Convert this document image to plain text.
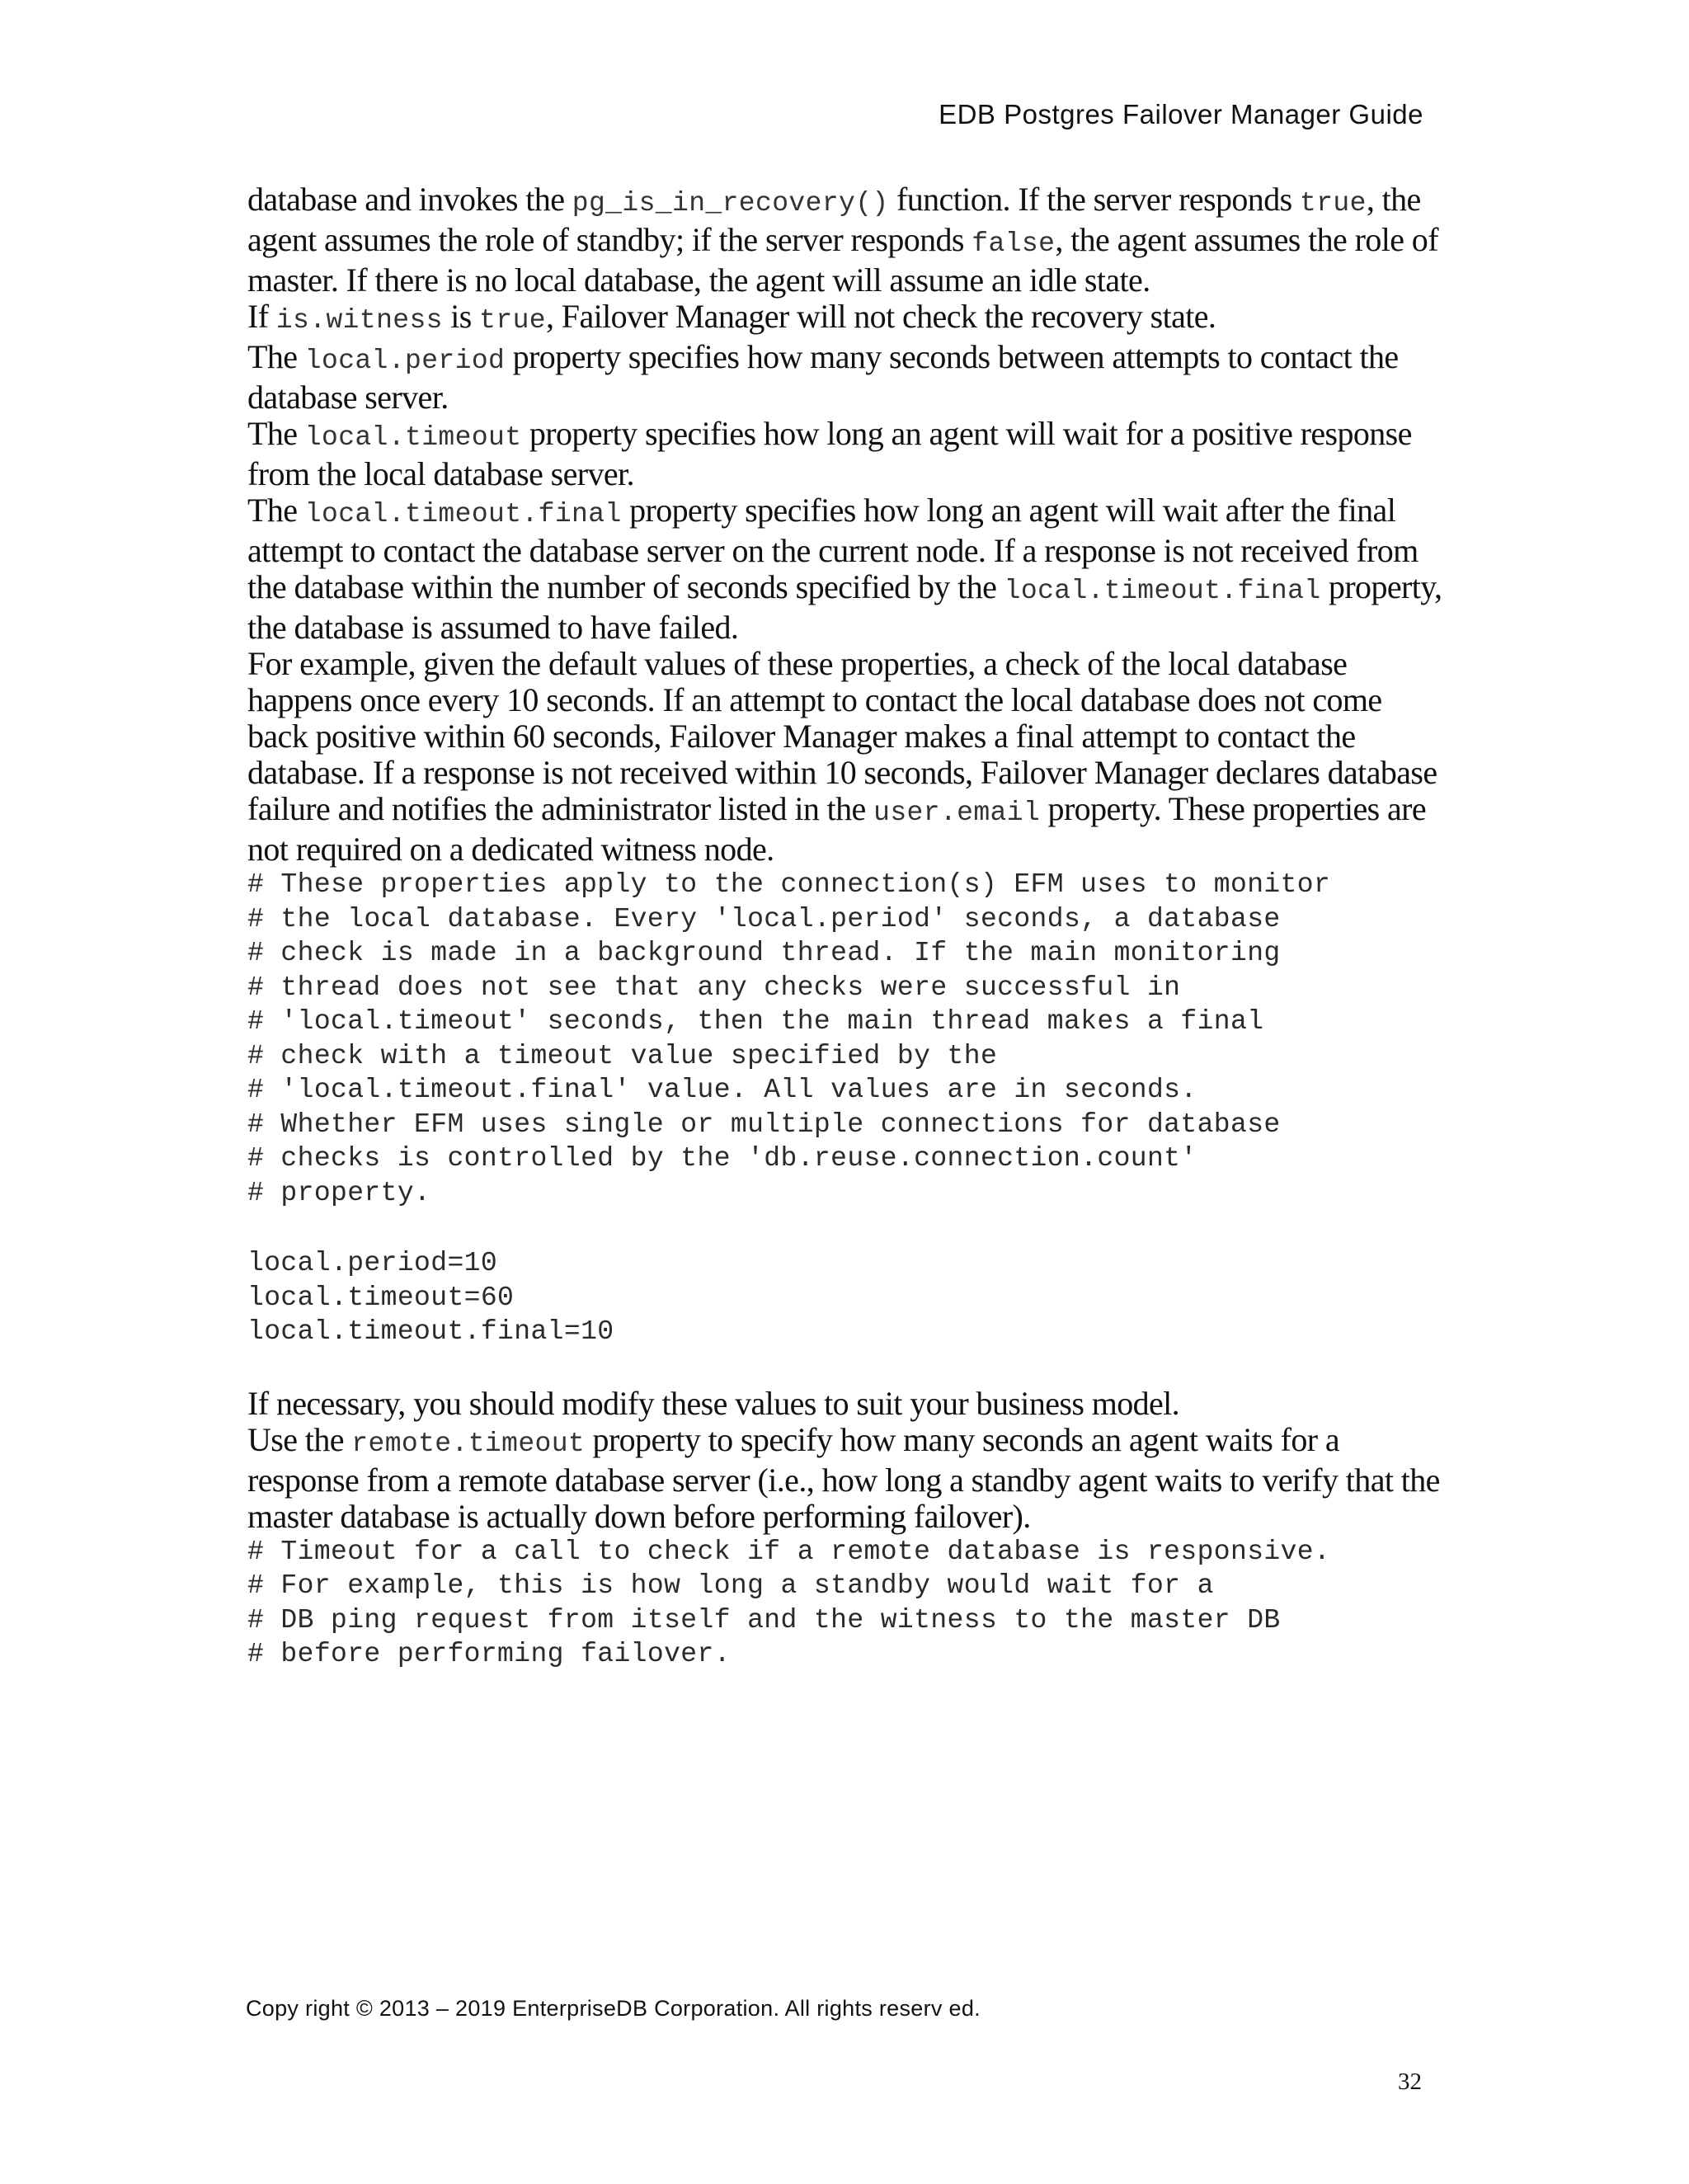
EDB Postgres Failover Manager Guide

database and invokes the pg_is_in_recovery() function. If the server responds true, the agent assumes the role of standby; if the server responds false, the agent assumes the role of master. If there is no local database, the agent will assume an idle state.

If is.witness is true, Failover Manager will not check the recovery state.

The local.period property specifies how many seconds between attempts to contact the database server.

The local.timeout property specifies how long an agent will wait for a positive response from the local database server.

The local.timeout.final property specifies how long an agent will wait after the final attempt to contact the database server on the current node. If a response is not received from the database within the number of seconds specified by the local.timeout.final property, the database is assumed to have failed.

For example, given the default values of these properties, a check of the local database happens once every 10 seconds. If an attempt to contact the local database does not come back positive within 60 seconds, Failover Manager makes a final attempt to contact the database. If a response is not received within 10 seconds, Failover Manager declares database failure and notifies the administrator listed in the user.email property. These properties are not required on a dedicated witness node.

# These properties apply to the connection(s) EFM uses to monitor
# the local database. Every 'local.period' seconds, a database
# check is made in a background thread. If the main monitoring
# thread does not see that any checks were successful in
# 'local.timeout' seconds, then the main thread makes a final
# check with a timeout value specified by the
# 'local.timeout.final' value. All values are in seconds.
# Whether EFM uses single or multiple connections for database
# checks is controlled by the 'db.reuse.connection.count'
# property.
local.period=10
local.timeout=60
local.timeout.final=10

If necessary, you should modify these values to suit your business model.

Use the remote.timeout property to specify how many seconds an agent waits for a response from a remote database server (i.e., how long a standby agent waits to verify that the master database is actually down before performing failover).

# Timeout for a call to check if a remote database is responsive.
# For example, this is how long a standby would wait for a
# DB ping request from itself and the witness to the master DB
# before performing failover.
Copy right © 2013 – 2019 EnterpriseDB Corporation. All rights reserv ed.
32
